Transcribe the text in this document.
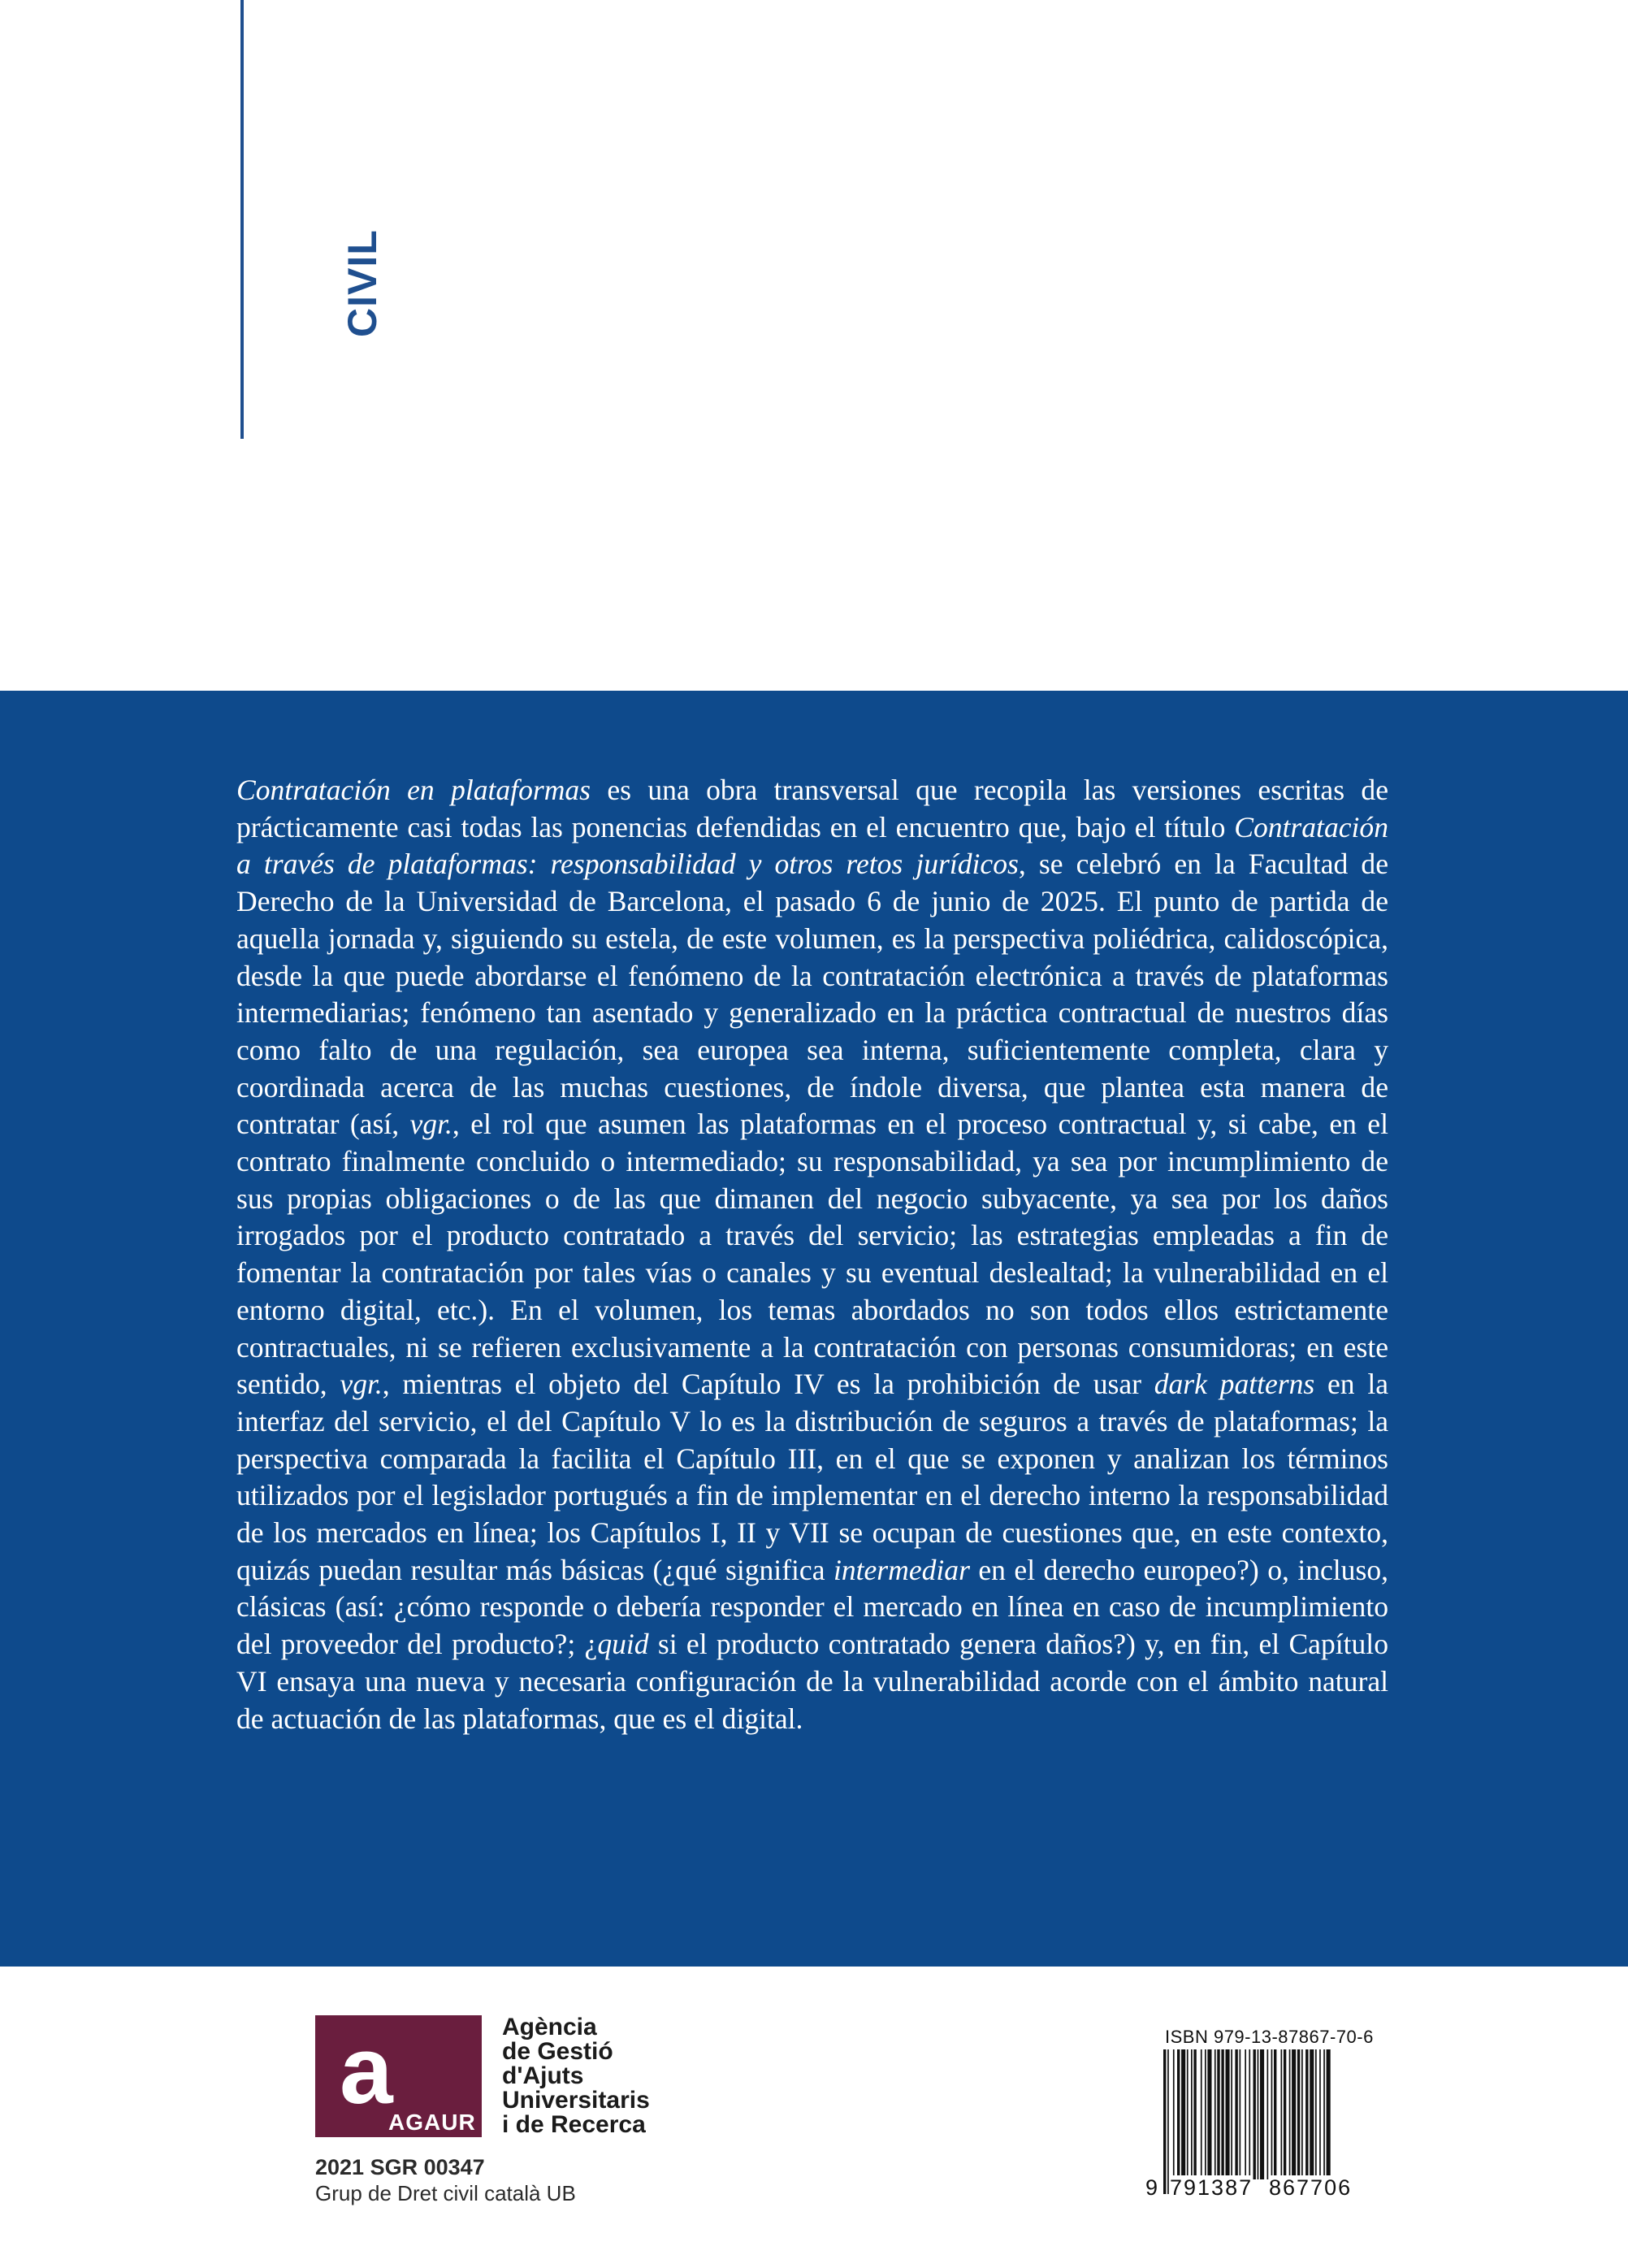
CIVIL

Contratación en plataformas es una obra transversal que recopila las versiones escritas de prácticamente casi todas las ponencias defendidas en el encuentro que, bajo el título Contratación a través de plataformas: responsabilidad y otros retos jurídicos, se celebró en la Facultad de Derecho de la Universidad de Barcelona, el pasado 6 de junio de 2025. El punto de partida de aquella jornada y, siguiendo su estela, de este volumen, es la perspectiva poliédrica, calidoscópica, desde la que puede abordarse el fenómeno de la contratación electrónica a través de plataformas intermediarias; fenómeno tan asentado y generalizado en la práctica contractual de nuestros días como falto de una regulación, sea europea sea interna, suficientemente completa, clara y coordinada acerca de las muchas cuestiones, de índole diversa, que plantea esta manera de contratar (así, vgr., el rol que asumen las plataformas en el proceso contractual y, si cabe, en el contrato finalmente concluido o intermediado; su responsabilidad, ya sea por incumplimiento de sus propias obligaciones o de las que dimanen del negocio subyacente, ya sea por los daños irrogados por el producto contratado a través del servicio; las estrategias empleadas a fin de fomentar la contratación por tales vías o canales y su eventual deslealtad; la vulnerabilidad en el entorno digital, etc.). En el volumen, los temas abordados no son todos ellos estrictamente contractuales, ni se refieren exclusivamente a la contratación con personas consumidoras; en este sentido, vgr., mientras el objeto del Capítulo IV es la prohibición de usar dark patterns en la interfaz del servicio, el del Capítulo V lo es la distribución de seguros a través de plataformas; la perspectiva comparada la facilita el Capítulo III, en el que se exponen y analizan los términos utilizados por el legislador portugués a fin de implementar en el derecho interno la responsabilidad de los mercados en línea; los Capítulos I, II y VII se ocupan de cuestiones que, en este contexto, quizás puedan resultar más básicas (¿qué significa intermediar en el derecho europeo?) o, incluso, clásicas (así: ¿cómo responde o debería responder el mercado en línea en caso de incumplimiento del proveedor del producto?; ¿quid si el producto contratado genera daños?) y, en fin, el Capítulo VI ensaya una nueva y necesaria configuración de la vulnerabilidad acorde con el ámbito natural de actuación de las plataformas, que es el digital.

a
AGAUR
Agència
de Gestió
d'Ajuts
Universitaris
i de Recerca
2021 SGR 00347
Grup de Dret civil català UB
ISBN 979-13-87867-70-6
9 791387 867706
